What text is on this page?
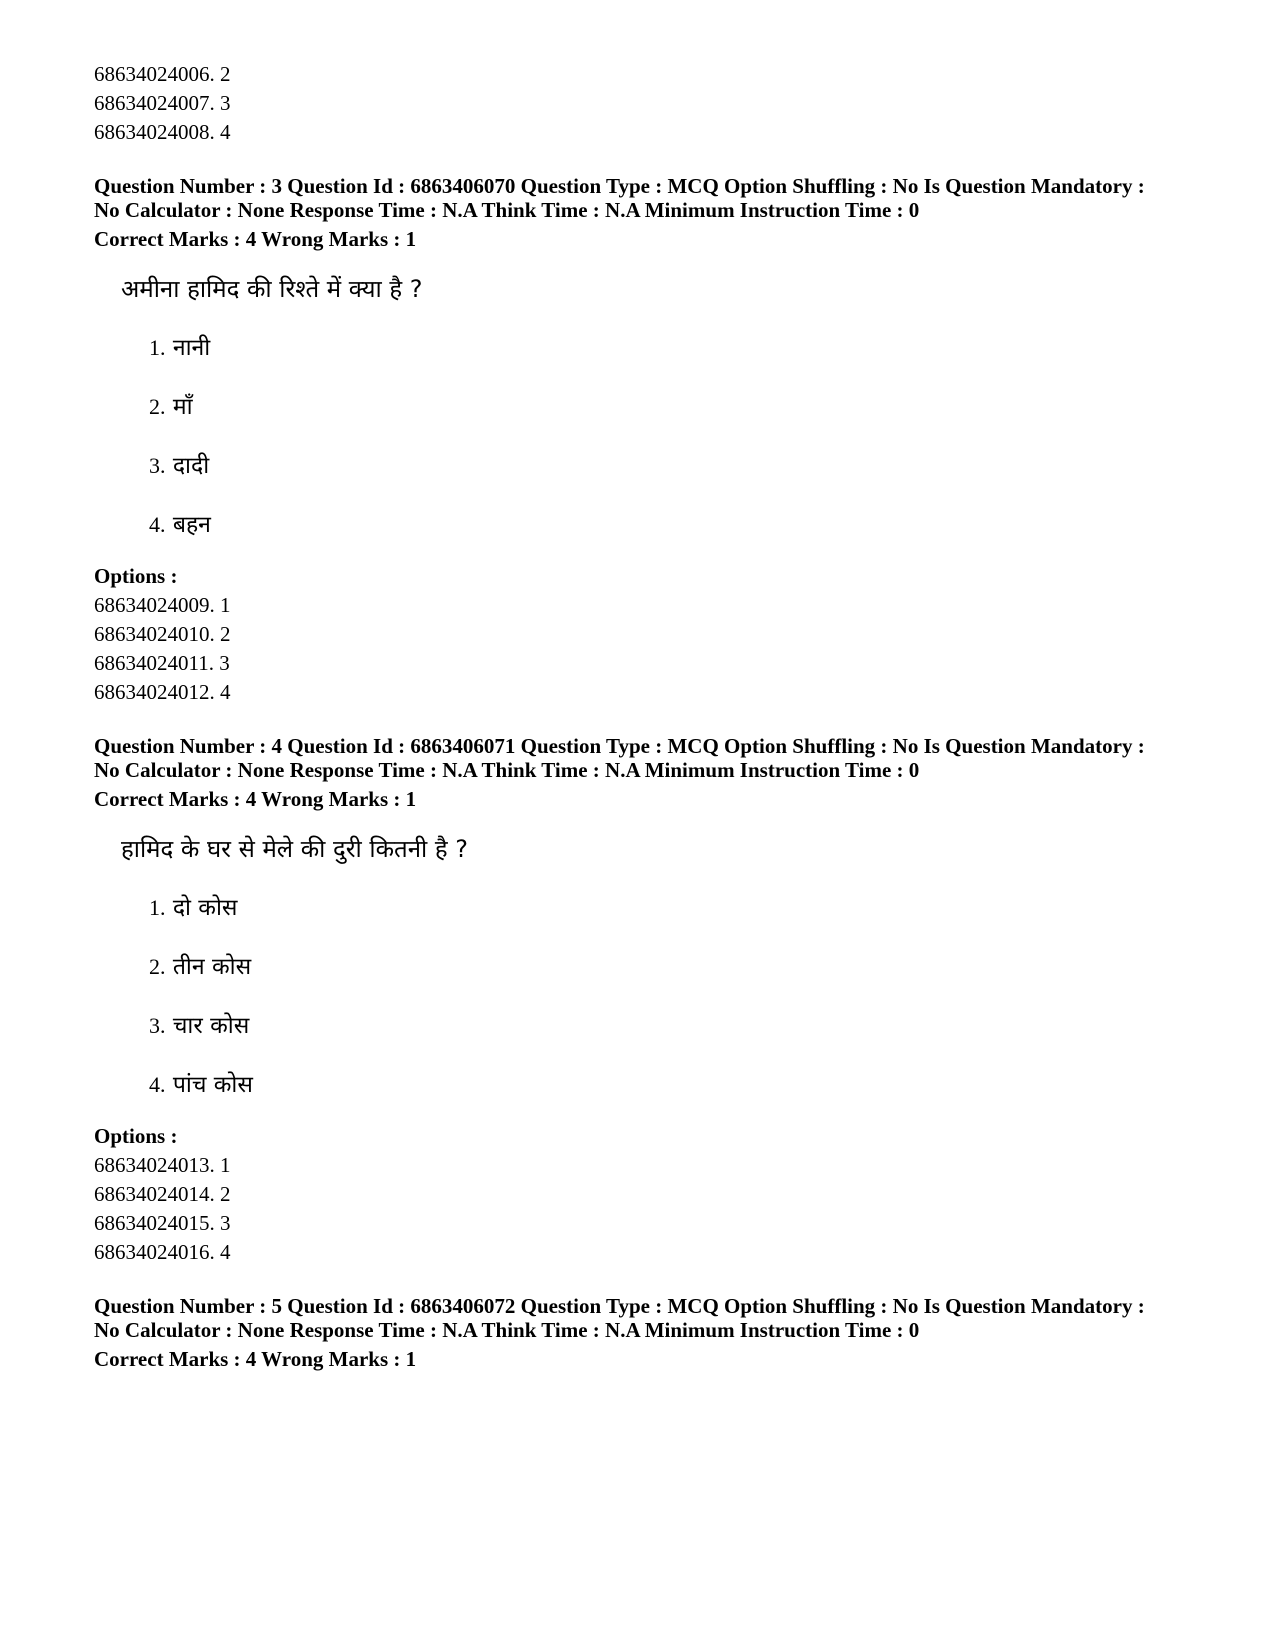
68634024006. 2
68634024007. 3
68634024008. 4
Question Number : 3 Question Id : 6863406070 Question Type : MCQ Option Shuffling : No Is Question Mandatory :
No Calculator : None Response Time : N.A Think Time : N.A Minimum Instruction Time : 0
Correct Marks : 4 Wrong Marks : 1
अमीना हामिद की रिश्ते में क्या है ?
1. नानी
2. माँ
3. दादी
4. बहन
Options :
68634024009. 1
68634024010. 2
68634024011. 3
68634024012. 4
Question Number : 4 Question Id : 6863406071 Question Type : MCQ Option Shuffling : No Is Question Mandatory :
No Calculator : None Response Time : N.A Think Time : N.A Minimum Instruction Time : 0
Correct Marks : 4 Wrong Marks : 1
हामिद के घर से मेले की दुरी कितनी है ?
1. दो कोस
2. तीन कोस
3. चार कोस
4. पांच कोस
Options :
68634024013. 1
68634024014. 2
68634024015. 3
68634024016. 4
Question Number : 5 Question Id : 6863406072 Question Type : MCQ Option Shuffling : No Is Question Mandatory :
No Calculator : None Response Time : N.A Think Time : N.A Minimum Instruction Time : 0
Correct Marks : 4 Wrong Marks : 1
